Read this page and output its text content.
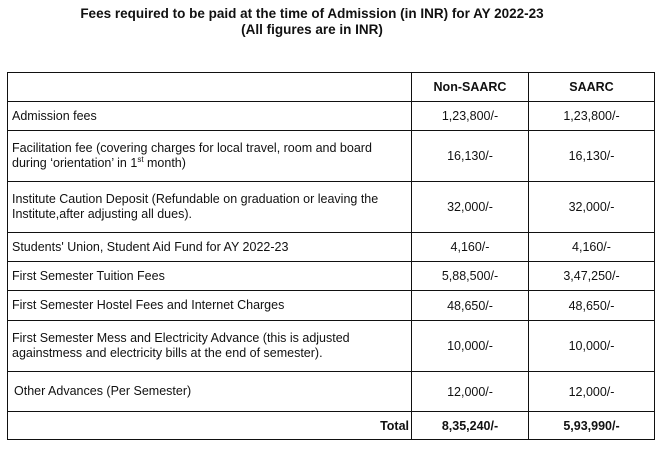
Fees required to be paid at the time of Admission (in INR) for AY 2022-23
(All figures are in INR)
	Non-SAARC	SAARC
Admission fees	1,23,800/-	1,23,800/-
Facilitation fee (covering charges for local travel, room and board during ‘orientation’ in 1st month)	16,130/-	16,130/-
Institute Caution Deposit (Refundable on graduation or leaving the Institute,after adjusting all dues).	32,000/-	32,000/-
Students' Union, Student Aid Fund for AY 2022-23	4,160/-	4,160/-
First Semester Tuition Fees	5,88,500/-	3,47,250/-
First Semester Hostel Fees and Internet Charges	48,650/-	48,650/-
First Semester Mess and Electricity Advance (this is adjusted againstmess and electricity bills at the end of semester).	10,000/-	10,000/-
Other Advances (Per Semester)	12,000/-	12,000/-
Total	8,35,240/-	5,93,990/-
